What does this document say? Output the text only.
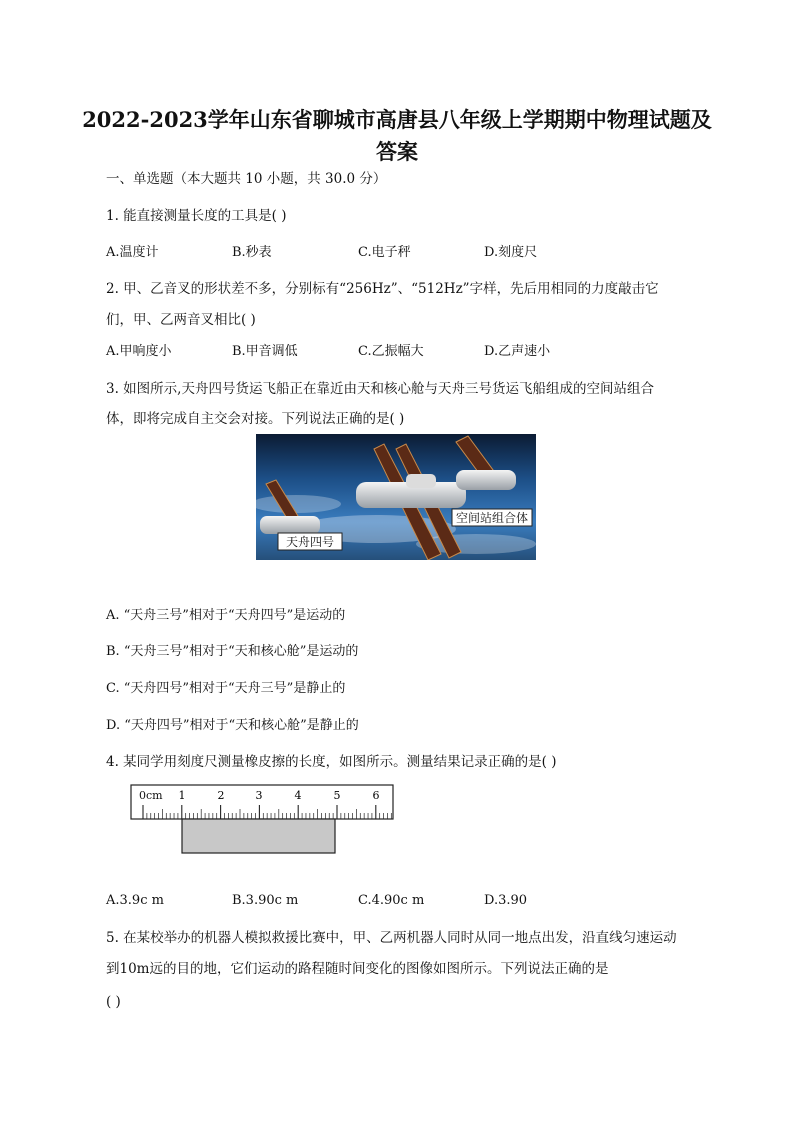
2022-2023学年山东省聊城市高唐县八年级上学期期中物理试题及
答案
一、单选题（本大题共 10 小题，共 30.0 分）
1. 能直接测量长度的工具是( )
A.温度计	B.秒表	C.电子秤	D.刻度尺
2. 甲、乙音叉的形状差不多，分别标有“256Hz”、“512Hz”字样，先后用相同的力度敲击它
们，甲、乙两音叉相比( )
A.甲响度小	B.甲音调低	C.乙振幅大	D.乙声速小
3. 如图所示,天舟四号货运飞船正在靠近由天和核心舱与天舟三号货运飞船组成的空间站组合
体，即将完成自主交会对接。下列说法正确的是( )
空间站组合体
天舟四号
A. “天舟三号”相对于“天舟四号”是运动的
B. “天舟三号”相对于“天和核心舱”是运动的
C. “天舟四号”相对于“天舟三号”是静止的
D. “天舟四号”相对于“天和核心舱”是静止的
4. 某同学用刻度尺测量橡皮擦的长度，如图所示。测量结果记录正确的是( )
0cm 1	2	3	4	5	6
A.3.9c m	B.3.90c m	C.4.90c m	D.3.90
5. 在某校举办的机器人模拟救援比赛中，甲、乙两机器人同时从同一地点出发，沿直线匀速运动
到10m远的目的地，它们运动的路程随时间变化的图像如图所示。下列说法正确的是
( )
